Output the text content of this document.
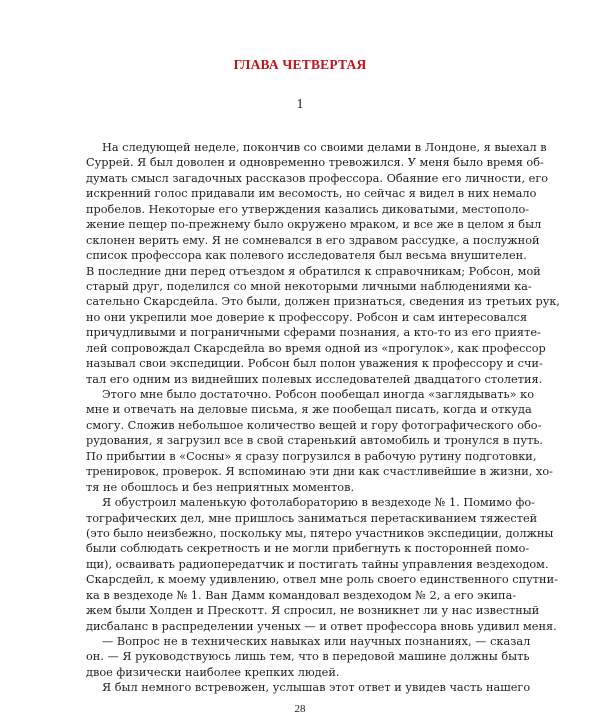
ГЛАВА ЧЕТВЕРТАЯ
1
На следующей неделе, покончив со своими делами в Лондоне, я выехал в
Суррей. Я был доволен и одновременно тревожился. У меня было время об-
думать смысл загадочных рассказов профессора. Обаяние его личности, его
искренний голос придавали им весомость, но сейчас я видел в них немало
пробелов. Некоторые его утверждения казались диковатыми, местополо-
жение пещер по-прежнему было окружено мраком, и все же в целом я был
склонен верить ему. Я не сомневался в его здравом рассудке, а послужной
список профессора как полевого исследователя был весьма внушителен.
В последние дни перед отъездом я обратился к справочникам; Робсон, мой
старый друг, поделился со мной некоторыми личными наблюдениями ка-
сательно Скарсдейла. Это были, должен признаться, сведения из третьих рук,
но они укрепили мое доверие к профессору. Робсон и сам интересовался
причудливыми и пограничными сферами познания, а кто-то из его прияте-
лей сопровождал Скарсдейла во время одной из «прогулок», как профессор
называл свои экспедиции. Робсон был полон уважения к профессору и счи-
тал его одним из виднейших полевых исследователей двадцатого столетия.
Этого мне было достаточно. Робсон пообещал иногда «заглядывать» ко
мне и отвечать на деловые письма, я же пообещал писать, когда и откуда
смогу. Сложив небольшое количество вещей и гору фотографического обо-
рудования, я загрузил все в свой старенький автомобиль и тронулся в путь.
По прибытии в «Сосны» я сразу погрузился в рабочую рутину подготовки,
тренировок, проверок. Я вспоминаю эти дни как счастливейшие в жизни, хо-
тя не обошлось и без неприятных моментов.
Я обустроил маленькую фотолабораторию в вездеходе № 1. Помимо фо-
тографических дел, мне пришлось заниматься перетаскиванием тяжестей
(это было неизбежно, поскольку мы, пятеро участников экспедиции, должны
были соблюдать секретность и не могли прибегнуть к посторонней помо-
щи), осваивать радиопередатчик и постигать тайны управления вездеходом.
Скарсдейл, к моему удивлению, отвел мне роль своего единственного спутни-
ка в вездеходе № 1. Ван Дамм командовал вездеходом № 2, а его экипа-
жем были Холден и Прескотт. Я спросил, не возникнет ли у нас известный
дисбаланс в распределении ученых — и ответ профессора вновь удивил меня.
— Вопрос не в технических навыках или научных познаниях, — сказал
он. — Я руководствуюсь лишь тем, что в передовой машине должны быть
двое физически наиболее крепких людей.
Я был немного встревожен, услышав этот ответ и увидев часть нашего
28
